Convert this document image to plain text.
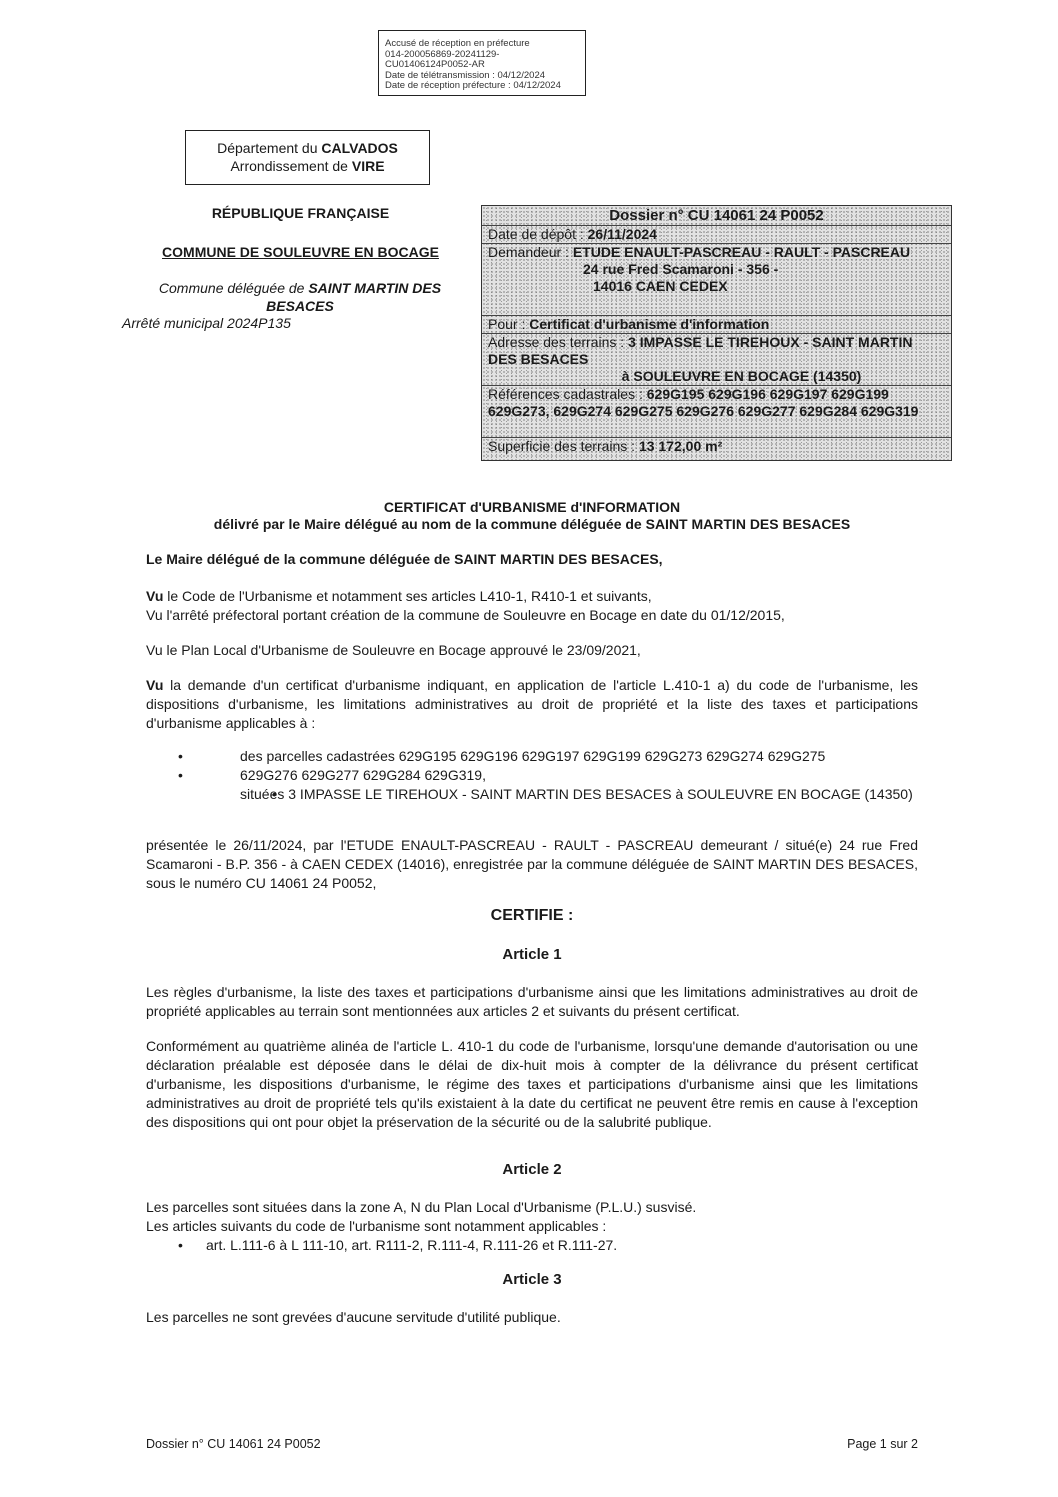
Accusé de réception en préfecture
014-200056869-20241129-CU01406124P0052-AR
Date de télétransmission : 04/12/2024
Date de réception préfecture : 04/12/2024
Département du CALVADOS
Arrondissement de VIRE
RÉPUBLIQUE FRANÇAISE
COMMUNE DE SOULEUVRE EN BOCAGE
Commune déléguée de SAINT MARTIN DES BESACES
Arrêté municipal 2024P135
Dossier n° CU 14061 24 P0052
Date de dépôt : 26/11/2024
Demandeur : ETUDE ENAULT-PASCREAU - RAULT - PASCREAU
24 rue Fred Scamaroni - 356 -
14016 CAEN CEDEX
Pour : Certificat d'urbanisme d'information
Adresse des terrains : 3 IMPASSE LE TIREHOUX - SAINT MARTIN DES BESACES
à SOULEUVRE EN BOCAGE (14350)
Références cadastrales : 629G195 629G196 629G197 629G199 629G273, 629G274 629G275 629G276 629G277 629G284 629G319
Superficie des terrains : 13 172,00 m²
CERTIFICAT d'URBANISME d'INFORMATION
délivré par le Maire délégué au nom de la commune déléguée de SAINT MARTIN DES BESACES
Le Maire délégué de la commune déléguée de SAINT MARTIN DES BESACES,
Vu le Code de l'Urbanisme et notamment ses articles L410-1, R410-1 et suivants,
Vu l'arrêté préfectoral portant création de la commune de Souleuvre en Bocage en date du 01/12/2015,
Vu le Plan Local d'Urbanisme de Souleuvre en Bocage approuvé le 23/09/2021,
Vu la demande d'un certificat d'urbanisme indiquant, en application de l'article L.410-1 a) du code de l'urbanisme, les dispositions d'urbanisme, les limitations administratives au droit de propriété et la liste des taxes et participations d'urbanisme applicables à :
• des parcelles cadastrées 629G195 629G196 629G197 629G199 629G273 629G274 629G275
• 629G276 629G277 629G284 629G319,
• situées 3 IMPASSE LE TIREHOUX - SAINT MARTIN DES BESACES à SOULEUVRE EN BOCAGE (14350)
présentée le 26/11/2024, par l'ETUDE ENAULT-PASCREAU - RAULT - PASCREAU demeurant / situé(e) 24 rue Fred Scamaroni - B.P. 356 - à CAEN CEDEX (14016), enregistrée par la commune déléguée de SAINT MARTIN DES BESACES, sous le numéro CU 14061 24 P0052,
CERTIFIE :
Article 1
Les règles d'urbanisme, la liste des taxes et participations d'urbanisme ainsi que les limitations administratives au droit de propriété applicables au terrain sont mentionnées aux articles 2 et suivants du présent certificat.
Conformément au quatrième alinéa de l'article L. 410-1 du code de l'urbanisme, lorsqu'une demande d'autorisation ou une déclaration préalable est déposée dans le délai de dix-huit mois à compter de la délivrance du présent certificat d'urbanisme, les dispositions d'urbanisme, le régime des taxes et participations d'urbanisme ainsi que les limitations administratives au droit de propriété tels qu'ils existaient à la date du certificat ne peuvent être remis en cause à l'exception des dispositions qui ont pour objet la préservation de la sécurité ou de la salubrité publique.
Article 2
Les parcelles sont situées dans la zone A, N du Plan Local d'Urbanisme (P.L.U.) susvisé.
Les articles suivants du code de l'urbanisme sont notamment applicables :
• art. L.111-6 à L 111-10, art. R111-2, R.111-4, R.111-26 et R.111-27.
Article 3
Les parcelles ne sont grevées d'aucune servitude d'utilité publique.
Dossier n° CU 14061 24 P0052	Page 1 sur 2
